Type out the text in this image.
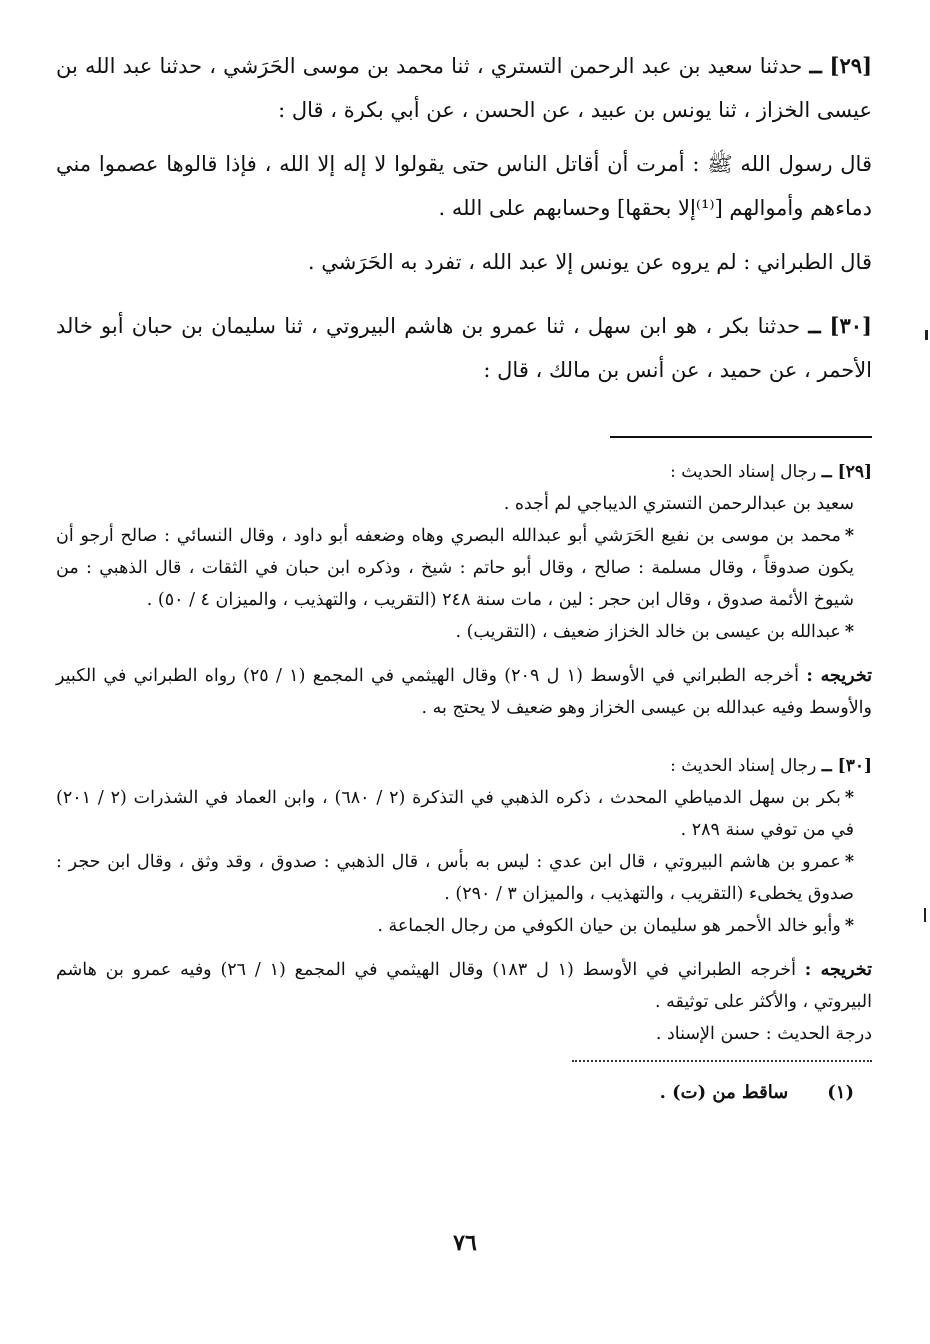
[٢٩] ــ حدثنا سعيد بن عبد الرحمن التستري ، ثنا محمد بن موسى الحَرَشي ، حدثنا عبد الله بن عيسى الخزاز ، ثنا يونس بن عبيد ، عن الحسن ، عن أبي بكرة ، قال :

قال رسول الله ﷺ : أمرت أن أقاتل الناس حتى يقولوا لا إله إلا الله ، فإذا قالوها عصموا مني دماءهم وأموالهم [⁽¹⁾إلا بحقها] وحسابهم على الله .

قال الطبراني : لم يروه عن يونس إلا عبد الله ، تفرد به الحَرَشي .

[٣٠] ــ حدثنا بكر ، هو ابن سهل ، ثنا عمرو بن هاشم البيروتي ، ثنا سليمان بن حبان أبو خالد الأحمر ، عن حميد ، عن أنس بن مالك ، قال :

[٢٩] ــ رجال إسناد الحديث :
سعيد بن عبدالرحمن التستري الديباجي لم أجده .
*محمد بن موسى بن نفيع الحَرَشي أبو عبدالله البصري وهاه وضعفه أبو داود ، وقال النسائي : صالح أرجو أن يكون صدوقاً ، وقال مسلمة : صالح ، وقال أبو حاتم : شيخ ، وذكره ابن حبان في الثقات ، قال الذهبي : من شيوخ الأئمة صدوق ، وقال ابن حجر : لين ، مات سنة ٢٤٨ (التقريب ، والتهذيب ، والميزان ٤ / ٥٠) .
*عبدالله بن عيسى بن خالد الخزاز ضعيف ، (التقريب) .
تخريجه : أخرجه الطبراني في الأوسط (١ ل ٢٠٩) وقال الهيثمي في المجمع (١ / ٢٥) رواه الطبراني في الكبير والأوسط وفيه عبدالله بن عيسى الخزاز وهو ضعيف لا يحتج به .
[٣٠] ــ رجال إسناد الحديث :
*بكر بن سهل الدمياطي المحدث ، ذكره الذهبي في التذكرة (٢ / ٦٨٠) ، وابن العماد في الشذرات (٢ / ٢٠١) في من توفي سنة ٢٨٩ .
*عمرو بن هاشم البيروتي ، قال ابن عدي : ليس به بأس ، قال الذهبي : صدوق ، وقد وثق ، وقال ابن حجر : صدوق يخطىء (التقريب ، والتهذيب ، والميزان ٣ / ٢٩٠) .
*وأبو خالد الأحمر هو سليمان بن حيان الكوفي من رجال الجماعة .
تخريجه : أخرجه الطبراني في الأوسط (١ ل ١٨٣) وقال الهيثمي في المجمع (١ / ٢٦) وفيه عمرو بن هاشم البيروتي ، والأكثر على توثيقه .
درجة الحديث : حسن الإسناد .
(١) ساقط من (ت) .
٧٦
